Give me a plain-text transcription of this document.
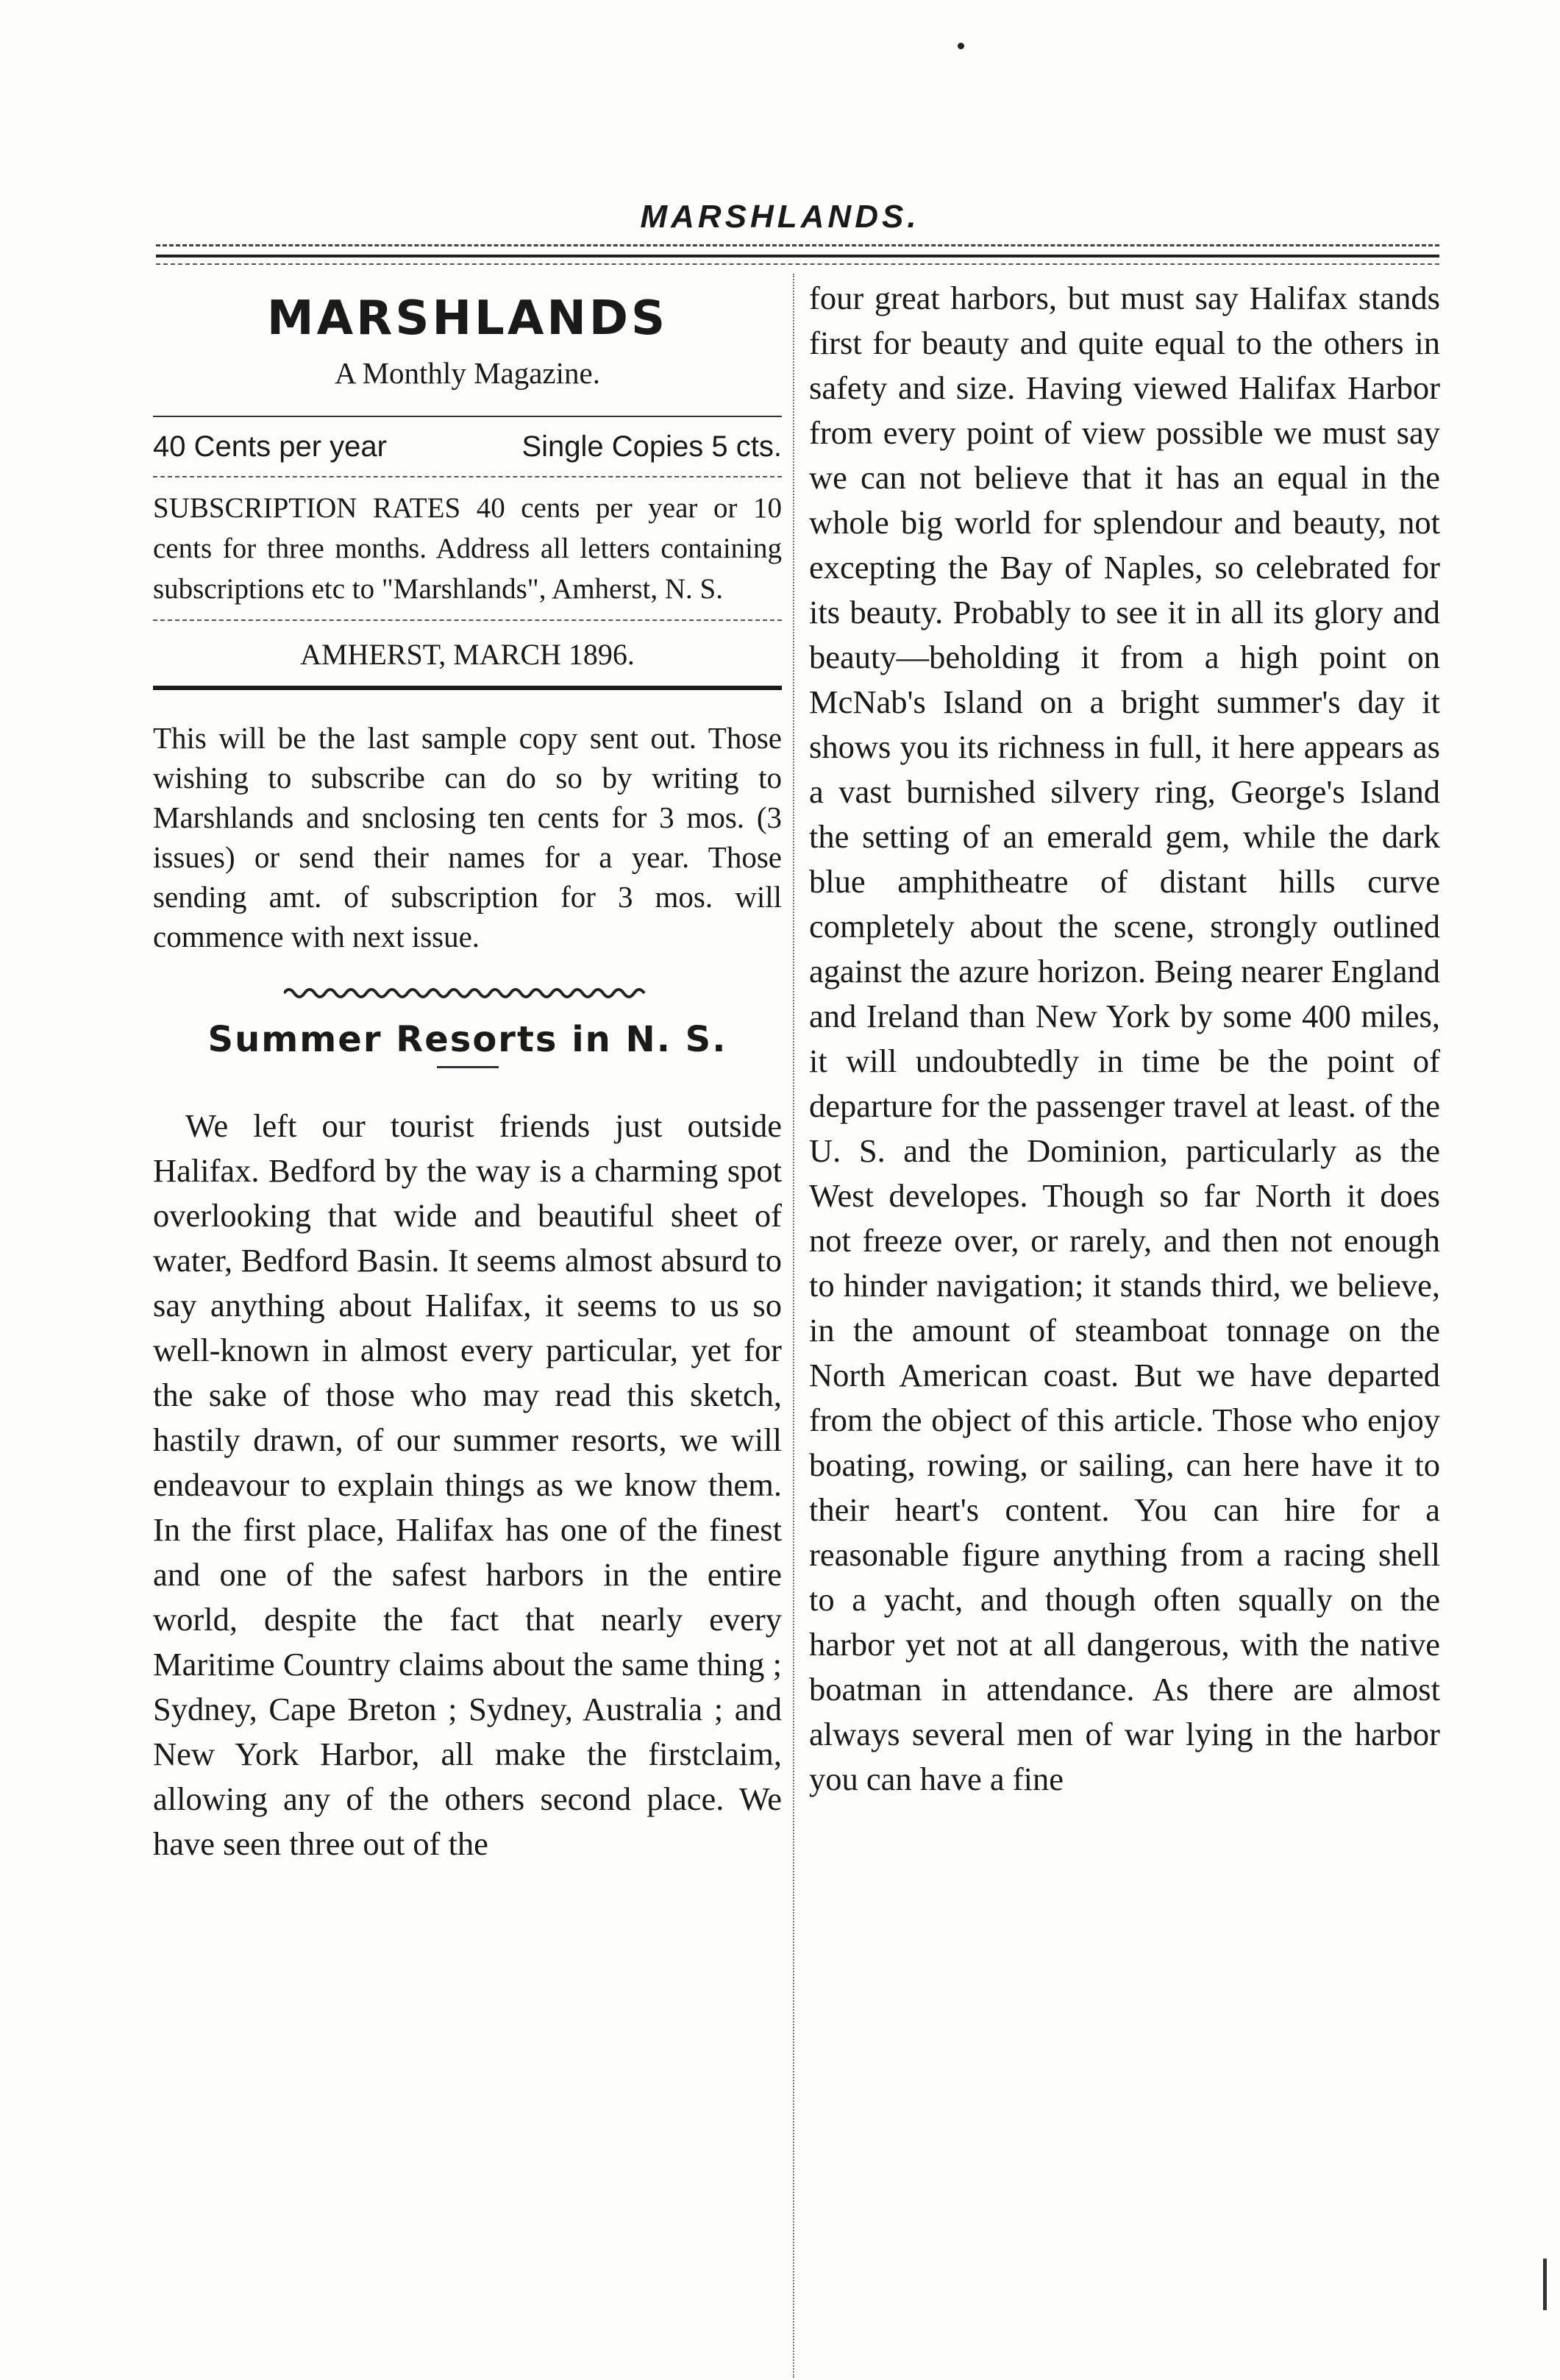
MARSHLANDS.
MARSHLANDS
A Monthly Magazine.
40 Cents per year	Single Copies 5 cts.
SUBSCRIPTION RATES 40 cents per year or 10 cents for three months. Address all letters containing subscriptions etc to "Marshlands", Amherst, N. S.
AMHERST, MARCH 1896.
This will be the last sample copy sent out. Those wishing to subscribe can do so by writing to Marshlands and snclosing ten cents for 3 mos. (3 issues) or send their names for a year. Those sending amt. of subscription for 3 mos. will commence with next issue.
Summer Resorts in N. S.
We left our tourist friends just outside Halifax. Bedford by the way is a charming spot overlooking that wide and beautiful sheet of water, Bedford Basin. It seems almost absurd to say anything about Halifax, it seems to us so well-known in almost every particular, yet for the sake of those who may read this sketch, hastily drawn, of our summer resorts, we will endeavour to explain things as we know them. In the first place, Halifax has one of the finest and one of the safest harbors in the entire world, despite the fact that nearly every Maritime Country claims about the same thing ; Sydney, Cape Breton ; Sydney, Australia ; and New York Harbor, all make the firstclaim, allowing any of the others second place. We have seen three out of the
four great harbors, but must say Halifax stands first for beauty and quite equal to the others in safety and size. Having viewed Halifax Harbor from every point of view possible we must say we can not believe that it has an equal in the whole big world for splendour and beauty, not excepting the Bay of Naples, so celebrated for its beauty. Probably to see it in all its glory and beauty—beholding it from a high point on McNab's Island on a bright summer's day it shows you its richness in full, it here appears as a vast burnished silvery ring, George's Island the setting of an emerald gem, while the dark blue amphitheatre of distant hills curve completely about the scene, strongly outlined against the azure horizon. Being nearer England and Ireland than New York by some 400 miles, it will undoubtedly in time be the point of departure for the passenger travel at least. of the U. S. and the Dominion, particularly as the West developes. Though so far North it does not freeze over, or rarely, and then not enough to hinder navigation; it stands third, we believe, in the amount of steamboat tonnage on the North American coast. But we have departed from the object of this article. Those who enjoy boating, rowing, or sailing, can here have it to their heart's content. You can hire for a reasonable figure anything from a racing shell to a yacht, and though often squally on the harbor yet not at all dangerous, with the native boatman in attendance. As there are almost always several men of war lying in the harbor you can have a fine
